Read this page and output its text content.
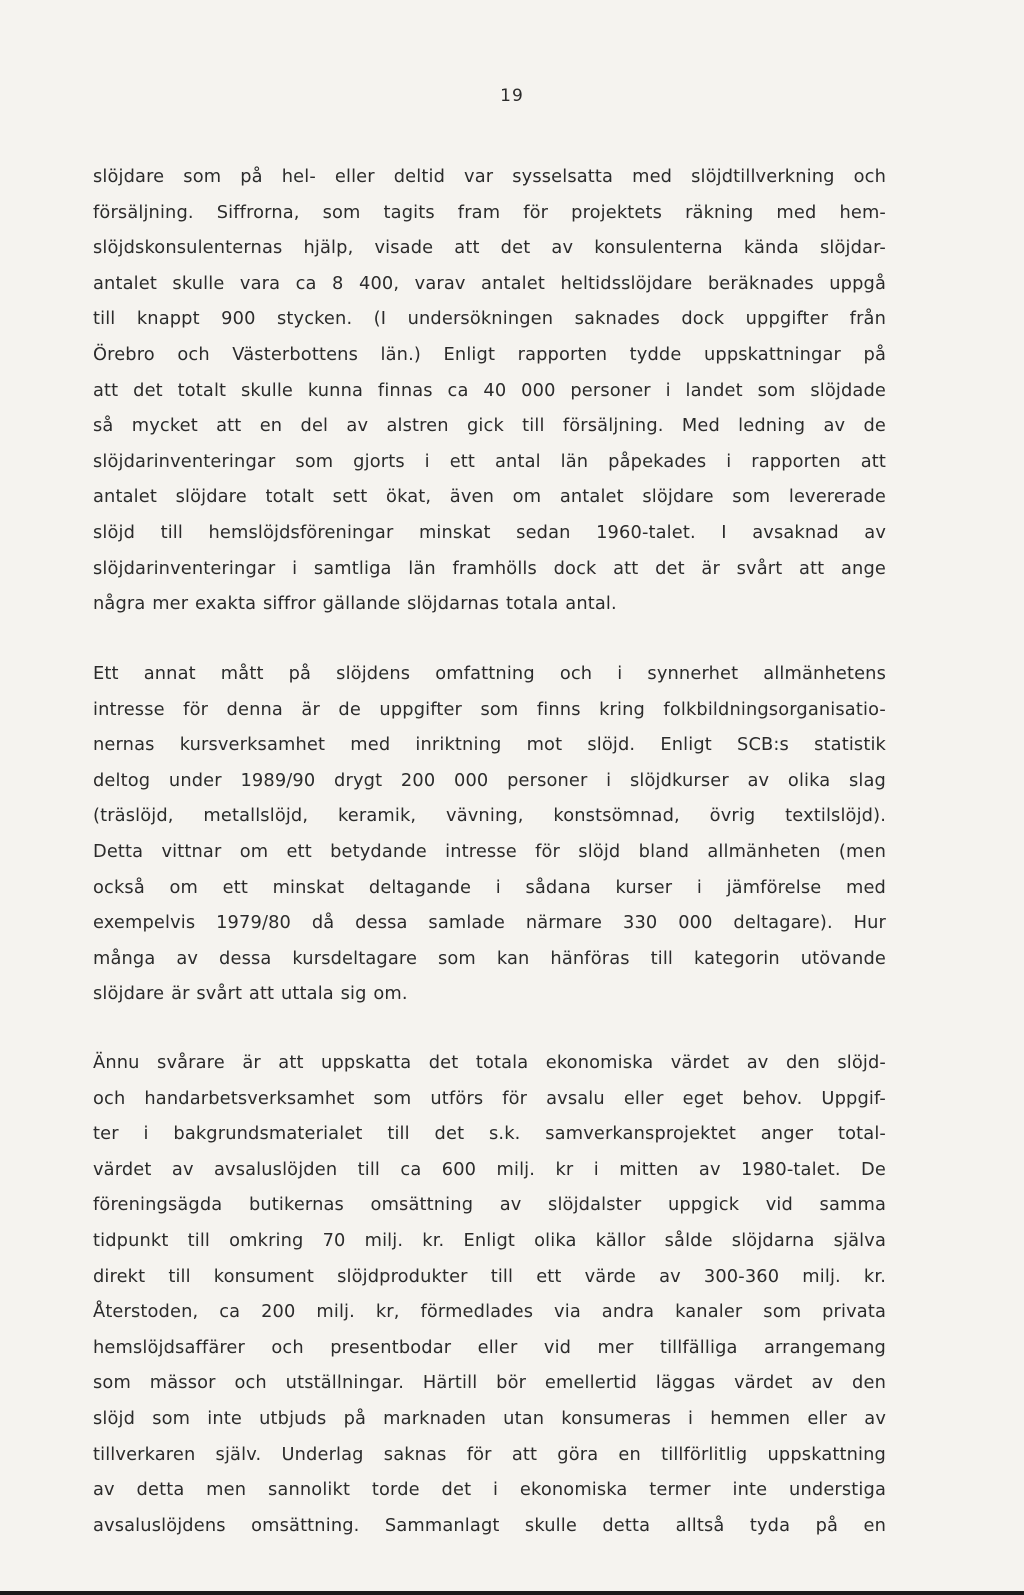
19
slöjdare som på hel- eller deltid var sysselsatta med slöjdtillverkning och
försäljning. Siffrorna, som tagits fram för projektets räkning med hem-
slöjdskonsulenternas hjälp, visade att det av konsulenterna kända slöjdar-
antalet skulle vara ca 8 400, varav antalet heltidsslöjdare beräknades uppgå
till knappt 900 stycken. (I undersökningen saknades dock uppgifter från
Örebro och Västerbottens län.) Enligt rapporten tydde uppskattningar på
att det totalt skulle kunna finnas ca 40 000 personer i landet som slöjdade
så mycket att en del av alstren gick till försäljning. Med ledning av de
slöjdarinventeringar som gjorts i ett antal län påpekades i rapporten att
antalet slöjdare totalt sett ökat, även om antalet slöjdare som levererade
slöjd till hemslöjdsföreningar minskat sedan 1960-talet. I avsaknad av
slöjdarinventeringar i samtliga län framhölls dock att det är svårt att ange
några mer exakta siffror gällande slöjdarnas totala antal.
Ett annat mått på slöjdens omfattning och i synnerhet allmänhetens
intresse för denna är de uppgifter som finns kring folkbildningsorganisatio-
nernas kursverksamhet med inriktning mot slöjd. Enligt SCB:s statistik
deltog under 1989/90 drygt 200 000 personer i slöjdkurser av olika slag
(träslöjd, metallslöjd, keramik, vävning, konstsömnad, övrig textilslöjd).
Detta vittnar om ett betydande intresse för slöjd bland allmänheten (men
också om ett minskat deltagande i sådana kurser i jämförelse med
exempelvis 1979/80 då dessa samlade närmare 330 000 deltagare). Hur
många av dessa kursdeltagare som kan hänföras till kategorin utövande
slöjdare är svårt att uttala sig om.
Ännu svårare är att uppskatta det totala ekonomiska värdet av den slöjd-
och handarbetsverksamhet som utförs för avsalu eller eget behov. Uppgif-
ter i bakgrundsmaterialet till det s.k. samverkansprojektet anger total-
värdet av avsaluslöjden till ca 600 milj. kr i mitten av 1980-talet. De
föreningsägda butikernas omsättning av slöjdalster uppgick vid samma
tidpunkt till omkring 70 milj. kr. Enligt olika källor sålde slöjdarna själva
direkt till konsument slöjdprodukter till ett värde av 300-360 milj. kr.
Återstoden, ca 200 milj. kr, förmedlades via andra kanaler som privata
hemslöjdsaffärer och presentbodar eller vid mer tillfälliga arrangemang
som mässor och utställningar. Härtill bör emellertid läggas värdet av den
slöjd som inte utbjuds på marknaden utan konsumeras i hemmen eller av
tillverkaren själv. Underlag saknas för att göra en tillförlitlig uppskattning
av detta men sannolikt torde det i ekonomiska termer inte understiga
avsaluslöjdens omsättning. Sammanlagt skulle detta alltså tyda på en
